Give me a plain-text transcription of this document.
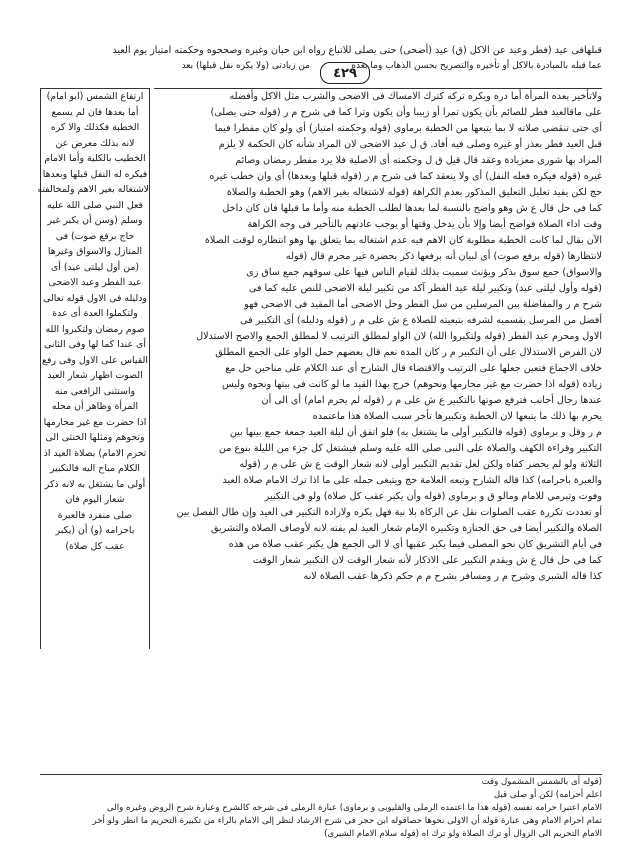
قبلهافى عيد (فطر وعيد عن الاكل (ق) عيد (أضحى) حتى يصلى للاتباع رواه ابن حبان وغيره وصححوه وحكمته امتياز يوم العيد
عما قبله بالمبادرة بالاكل أو تأخيره والتصريح بحسن الذهاب وما بعده
٤٢٩
من زيادتى (ولا يكره نفل قبلها) بعد
ولاتأخير بعده المرأة أما دره ويكره تركه كترك الامساك فى الاضحى والشرب مثل الاكل وأفضله
على ماقالعيد فطر للصائم بأن يكون تمرا أو زبيبا وأن يكون وترا كما في شرح م ر (قوله حتى يصلى)
أى حتى تنقضى صلاته لا بما يتبعها من الخطبة برماوى (قوله وحكمته امتياز) أى ولو كان مفطرا فيما
قبل العيد فطر بعذر أو غيره وصلى فيه أفاد. ق ل عيد الاضحى لان المراد شأنه كان الحكمة لا يلزم
المراد بها شورى معزيادة وعقد قال قيل ق ل وحكمته أى الاصلية فلا يرد مفطر رمضان وصائم
غيره (قوله فيكره فعله النفل) أى ولا ينعقد كما فى شرح م ر (قوله قبلها وبعدها) أى وان خطب غيره
حج لكن يفيد تعليل التعليق المذكور بعدم الكراهة (قوله لاشتغاله بغير الاهم) وهو الخطبة والصلاة
كما فى حل قال ع ش وهو واضح بالنسبة لما بعدها لطلب الخطبة منه وأما ما قبلها فان كان داخل
وقت اداء الصلاة فواضح أيضا وإلا بأن يدخل وقتها أو يوجب عادتهم بالتأخير فى وجه الكراهة
الآن بقال لما كانت الخطبة مطلوبة كان الاهم فيه عدم اشتغاله بما يتعلق بها وهو انتظاره لوقت الصلاة
لانتظارها (قوله برفع صوت) أى لبيان أنه برفعها ذكر بحضرة غير محرم قال (قوله
والاسواق) جمع سوق بذكر ويؤنث سميت بذلك لقيام الناس فيها على سوقهم جمع ساق زى
(قوله وأول ليلتى عيد) وتكبير ليلة عيد الفطر آكد من تكبير ليلة الاضحى للنص عليه كما فى
شرح م ر والمفاضلة بين المرسلين من سل الفطر وحل الاضحى أما المقيد فى الاضحى فهو
أفضل من المرسل بقسميه لشرفه بتبعيته للصلاة ع ش على م ر (قوله ودليله) أى التكبير فى
الاول ومحرم عيد الفطر (قوله ولتكبروا الله) لان الواو لمطلق الترتيب لا لمطلق الجمع والاصح الاستدلال
لان الفرض الاستدلال على أن التكبير م ر كان المدة نعم قال بعضهم حمل الواو على الجمع المطلق
خلاف الاجماع فتعين جعلها على الترتيب والاقتضاء قال الشارح أى عند الكلام على مناحين حل مع
زيادة (قوله اذا حضرت مع غير محارمها ونحوهم) خرج بهذا القيد ما لو كانت فى بيتها ونحوه وليس
عندها رجال أجانب فترفع صوتها بالتكبير ع ش على م ر (قوله لم يحرم امام) أى الى أن
يحرم بها ذلك ما يتبعها لان الخطبة وتكبيرها تأخر سبب الصلاة هذا ماعتمده
م ر وقل و برماوى (قوله فالتكبير أولى ما يشتغل به) فلو اتفق أن ليلة العيد جمعة جمع بينها بين
التكبير وقراءة الكهف والصلاة على النبى صلى الله عليه وسلم فيشتغل كل جزء من الليلة بنوع من
الثلاثة ولو لم يحضر كفاه ولكن لعل تقديم التكبير أولى لانه شعار الوقت ع ش على م ر (قوله
والعبرة باحرامه) كذا قاله الشارح وتبعه العلامة حج ويتبغى حمله على ما اذا ترك الامام صلاة العيد
وفوت وتبرمي للامام ومالو ق و برماوى (قوله وأن يكبر عقب كل صلاة) ولو فى التكبير
أو تعددت تكررة عقب الصلوات نقل عن الزكاة بلا نية فهل يكره ولارادة التكبير فى العيد وإن طال الفصل بين
الصلاة والتكبير أيضا فى حق الجنازة وتكبيرة الإمام شعار العيد لم يفته لانه لأوصاف الصلاة والتشريق
فى أيام التشريق كان نحو المصلى فيما يكبر عقبها أى لا الى الجمع هل يكبر عقب صلاة من هذه
كما فى حل قال ع ش ويقدم التكبير على الاذكار لأنه شعار الوقت لان التكبير شعار الوقت
كذا قاله الشبرى وشرح م ر ومسافر بشرح م م حكم ذكرها عقب الصلاة لانه
ارتفاع الشمس (ابو امام)
أما بعدها فان لم يسمع
الخطبة فكذلك والا كره
لانه بذلك معرض عن
الخطيب بالكلية وأما الامام
فيكره له النفل قبلها وبعدها
لاشتغاله بغير الاهم ولمخالفته
فعل النبي صلى الله عليه
وسلم (وسن أن يكبر غير
حاج برفع صوت) فى
المنازل والاسواق وغيرها
(من أول ليلتى عيد) أى
عيد الفطر وعيد الاضحى
ودليله فى الاول قوله تعالى
ولتكملوا العدة أى عدة
صوم رمضان ولتكبروا الله
أى عندا كما لها وفى الثانى
القياس على الاول وفى رفع
الصوت اظهار شعار العيد
واستثنى الرافعى منه
المرأة وظاهر أن محله
اذا حضرت مع غير محارمها
ونحوهم ومثلها الخنثى الى
تحرم الامام) بصلاة العيد اذ
الكلام مباح اليه فالتكبير
أولى ما يشتغل به لانه ذكر
شعار اليوم فان
صلى منفرد فالعبرة
باحرامه (و) أن (يكبر
عقب كل صلاة)
(قوله أى بالشمس المشمول وقت
اعلم أحرامه) لكن أو صلى قبل
الامام اعتبرا حرامه نفسه (قوله هذا ما اعتمده الرملى والقليوبى و برماوى) عبارة الرملى فى شرحه كالشرح وعبارة شرح الروض وغيره والى
تمام احرام الامام وهى عبارة قوله أن الاولى نحوها حصاقوله ابن حجر فى شرح الارشاد لنظر إلى الامام بالراء من تكبيرة التحريم ما انظر ولو أخر
الامام التحريم الى الزوال أو ترك الصلاة ولو ترك اه (قوله سلام الامام الشبرى)
